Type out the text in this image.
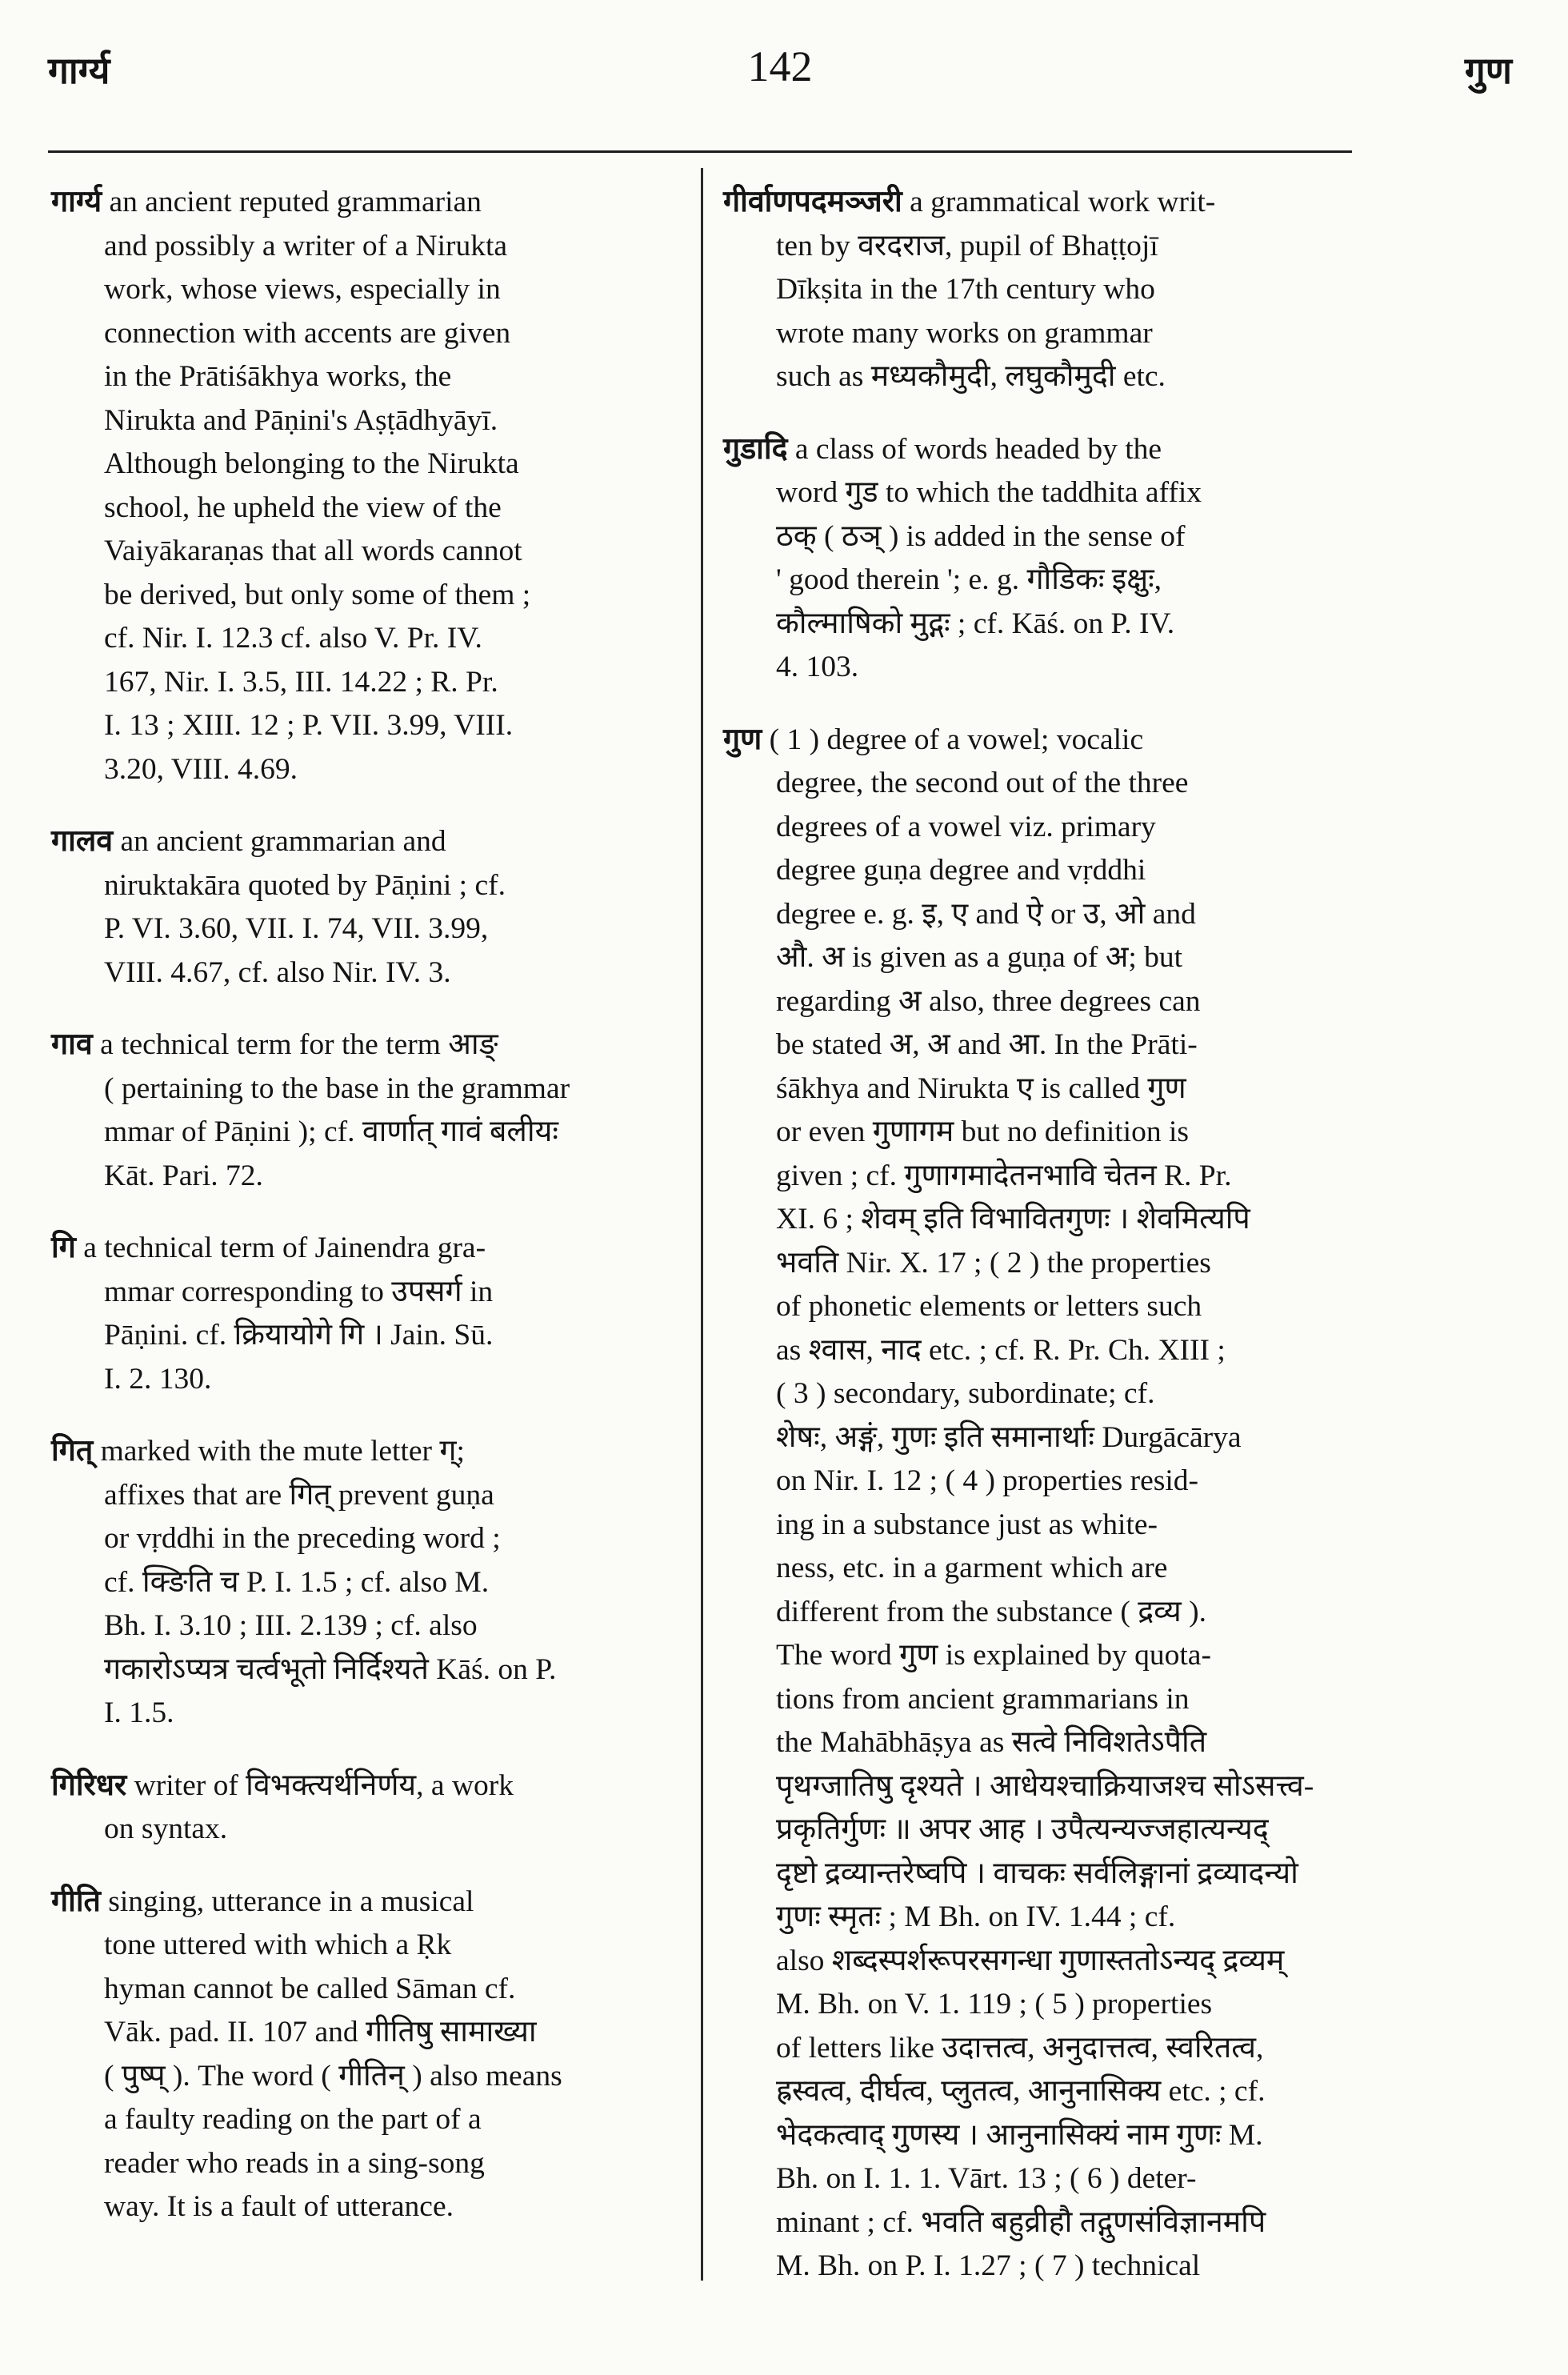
गार्ग्य	142	गुण
गार्ग्य an ancient reputed grammarian
and possibly a writer of a Nirukta
work, whose views, especially in
connection with accents are given
in the Prātiśākhya works, the
Nirukta and Pāṇini's Aṣṭādhyāyī.
Although belonging to the Nirukta
school, he upheld the view of the
Vaiyākaraṇas that all words cannot
be derived, but only some of them ;
cf. Nir. I. 12.3 cf. also V. Pr. IV.
167, Nir. I. 3.5, III. 14.22 ; R. Pr.
I. 13 ; XIII. 12 ; P. VII. 3.99, VIII.
3.20, VIII. 4.69.
गालव an ancient grammarian and
niruktakāra quoted by Pāṇini ; cf.
P. VI. 3.60, VII. I. 74, VII. 3.99,
VIII. 4.67, cf. also Nir. IV. 3.
गाव a technical term for the term आङ्
( pertaining to the base in the grammar
mmar of Pāṇini ); cf. वार्णात् गावं बलीयः
Kāt. Pari. 72.
गि a technical term of Jainendra gra-
mmar corresponding to उपसर्ग in
Pāṇini. cf. क्रियायोगे गि । Jain. Sū.
I. 2. 130.
गित् marked with the mute letter ग्;
affixes that are गित् prevent guṇa
or vṛddhi in the preceding word ;
cf. क्ङिति च P. I. 1.5 ; cf. also M.
Bh. I. 3.10 ; III. 2.139 ; cf. also
गकारोऽप्यत्र चर्त्वभूतो निर्दिश्यते Kāś. on P.
I. 1.5.
गिरिधर writer of विभक्त्यर्थनिर्णय, a work
on syntax.
गीति singing, utterance in a musical
tone uttered with which a Ṛk
hyman cannot be called Sāman cf.
Vāk. pad. II. 107 and गीतिषु सामाख्या
( पुष्प् ). The word ( गीतिन् ) also means
a faulty reading on the part of a
reader who reads in a sing-song
way. It is a fault of utterance.
गीर्वाणपदमञ्जरी a grammatical work writ-
ten by वरदराज, pupil of Bhaṭṭojī
Dīkṣita in the 17th century who
wrote many works on grammar
such as मध्यकौमुदी, लघुकौमुदी etc.
गुडादि a class of words headed by the
word गुड to which the taddhita affix
ठक् ( ठञ् ) is added in the sense of
' good therein '; e. g. गौडिकः इक्षुः,
कौल्माषिको मुद्गः ; cf. Kāś. on P. IV.
4. 103.
गुण ( 1 ) degree of a vowel; vocalic
degree, the second out of the three
degrees of a vowel viz. primary
degree guṇa degree and vṛddhi
degree e. g. इ, ए and ऐ or उ, ओ and
औ. अ is given as a guṇa of अ; but
regarding अ also, three degrees can
be stated अ, अ and आ. In the Prāti-
śākhya and Nirukta ए is called गुण
or even गुणागम but no definition is
given ; cf. गुणागमादेतनभावि चेतन R. Pr.
XI. 6 ; शेवम् इति विभावितगुणः । शेवमित्यपि
भवति Nir. X. 17 ; ( 2 ) the properties
of phonetic elements or letters such
as श्वास, नाद etc. ; cf. R. Pr. Ch. XIII ;
( 3 ) secondary, subordinate; cf.
शेषः, अङ्गं, गुणः इति समानार्थाः Durgācārya
on Nir. I. 12 ; ( 4 ) properties resid-
ing in a substance just as white-
ness, etc. in a garment which are
different from the substance ( द्रव्य ).
The word गुण is explained by quota-
tions from ancient grammarians in
the Mahābhāṣya as सत्वे निविशतेऽपैति
पृथग्जातिषु दृश्यते । आधेयश्चाक्रियाजश्च सोऽसत्त्व-
प्रकृतिर्गुणः ॥ अपर आह । उपैत्यन्यज्जहात्यन्यद्
दृष्टो द्रव्यान्तरेष्वपि । वाचकः सर्वलिङ्गानां द्रव्यादन्यो
गुणः स्मृतः ; M Bh. on IV. 1.44 ; cf.
also शब्दस्पर्शरूपरसगन्धा गुणास्ततोऽन्यद् द्रव्यम्
M. Bh. on V. 1. 119 ; ( 5 ) properties
of letters like उदात्तत्व, अनुदात्तत्व, स्वरितत्व,
ह्रस्वत्व, दीर्घत्व, प्लुतत्व, आनुनासिक्य etc. ; cf.
भेदकत्वाद् गुणस्य । आनुनासिक्यं नाम गुणः M.
Bh. on I. 1. 1. Vārt. 13 ; ( 6 ) deter-
minant ; cf. भवति बहुव्रीहौ तद्गुणसंविज्ञानमपि
M. Bh. on P. I. 1.27 ; ( 7 ) technical
